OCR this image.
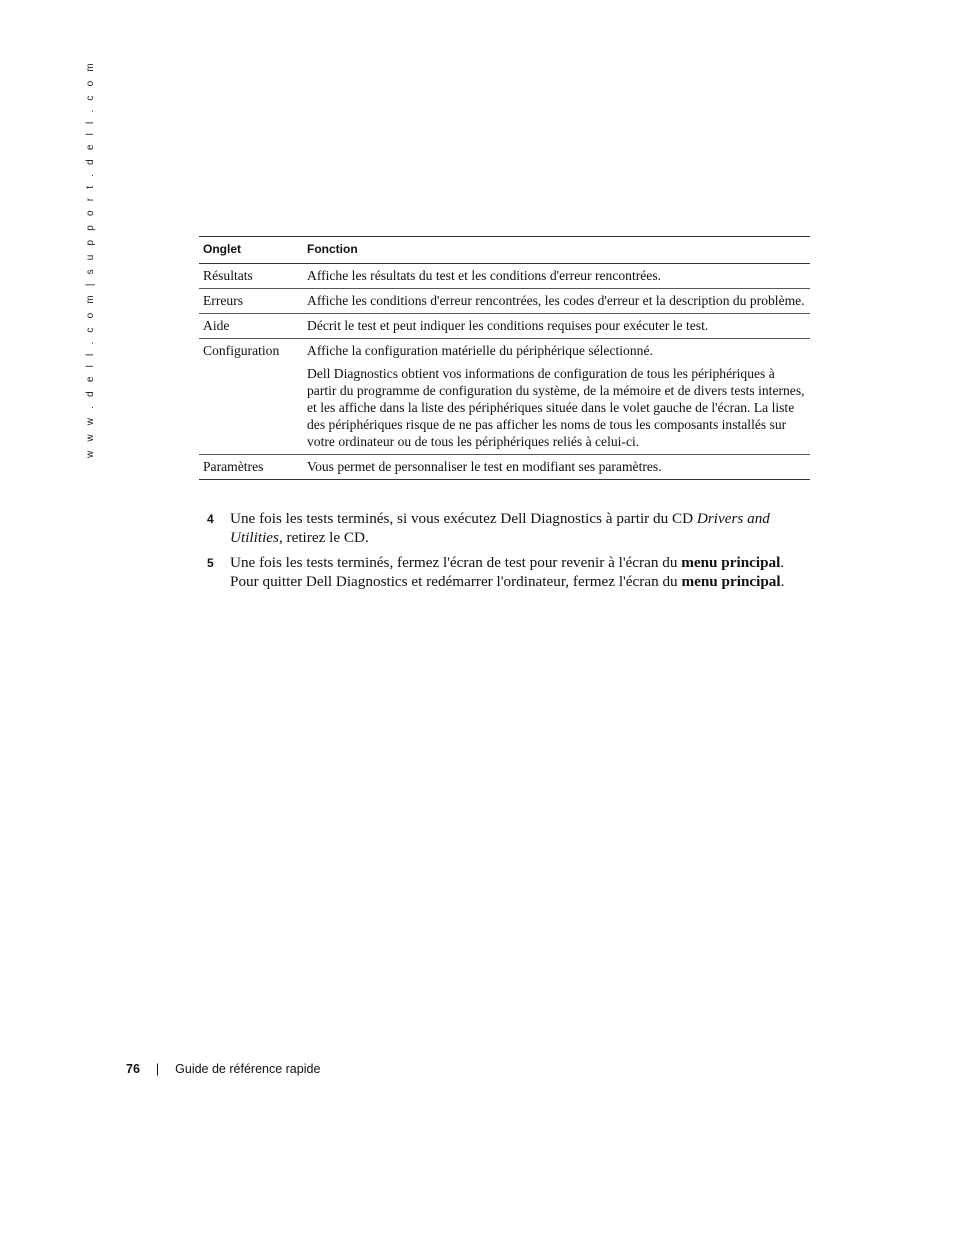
w w w . d e l l . c o m | s u p p o r t . d e l l . c o m	Onglet	Fonction
Résultats	Affiche les résultats du test et les conditions d'erreur rencontrées.

Erreurs	Affiche les conditions d'erreur rencontrées, les codes d'erreur et la description du problème.

Aide	Décrit le test et peut indiquer les conditions requises pour exécuter le test.

Configuration	Affiche la configuration matérielle du périphérique sélectionné.

Dell Diagnostics obtient vos informations de configuration de tous les périphériques à partir du programme de configuration du système, de la mémoire et de divers tests internes, et les affiche dans la liste des périphériques située dans le volet gauche de l'écran. La liste des périphériques risque de ne pas afficher les noms de tous les composants installés sur votre ordinateur ou de tous les périphériques reliés à celui-ci.

Paramètres	Vous permet de personnaliser le test en modifiant ses paramètres.

4 Une fois les tests terminés, si vous exécutez Dell Diagnostics à partir du CD Drivers and Utilities, retirez le CD.
5 Une fois les tests terminés, fermez l'écran de test pour revenir à l'écran du menu principal. Pour quitter Dell Diagnostics et redémarrer l'ordinateur, fermez l'écran du menu principal.
76 | Guide de référence rapide
